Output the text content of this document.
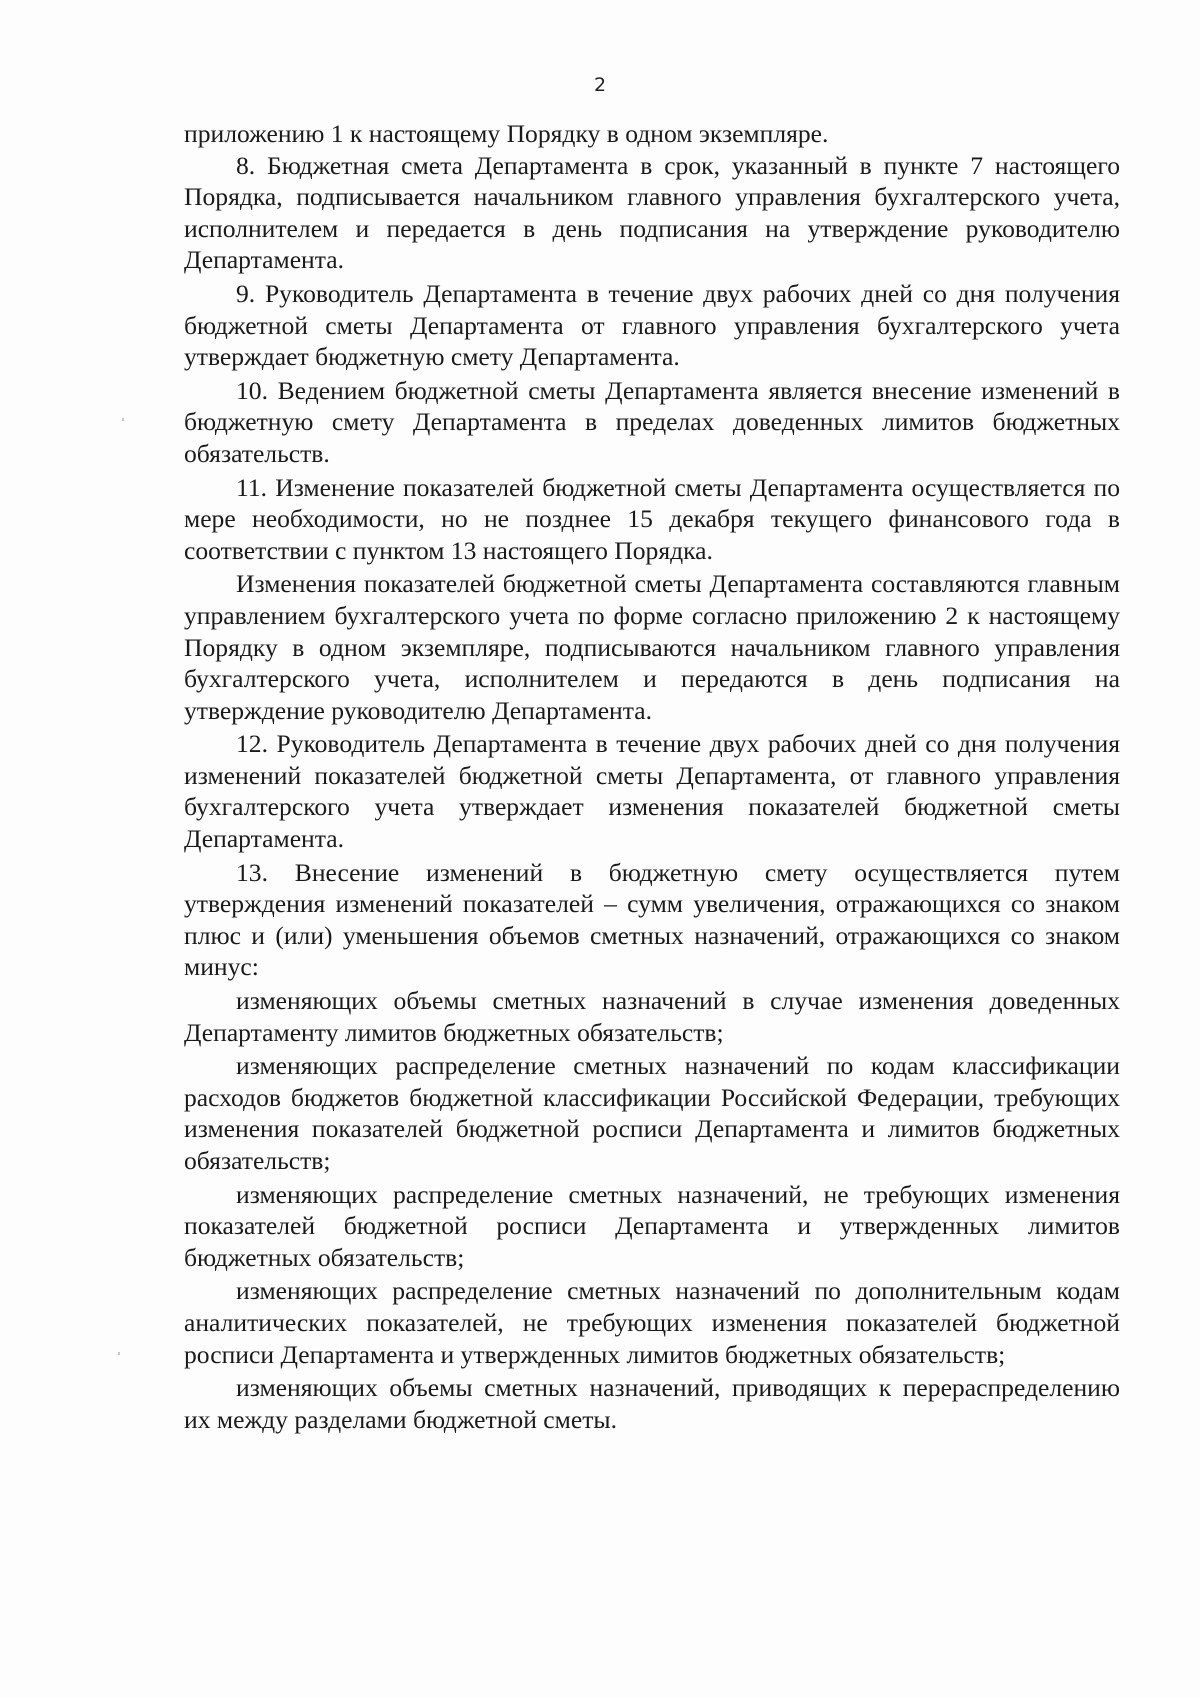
2

приложению 1 к настоящему Порядку в одном экземпляре.

8. Бюджетная смета Департамента в срок, указанный в пункте 7 настоящего Порядка, подписывается начальником главного управления бухгалтерского учета, исполнителем и передается в день подписания на утверждение руководителю Департамента.

9. Руководитель Департамента в течение двух рабочих дней со дня получения бюджетной сметы Департамента от главного управления бухгалтерского учета утверждает бюджетную смету Департамента.

10. Ведением бюджетной сметы Департамента является внесение изменений в бюджетную смету Департамента в пределах доведенных лимитов бюджетных обязательств.

11. Изменение показателей бюджетной сметы Департамента осуществляется по мере необходимости, но не позднее 15 декабря текущего финансового года в соответствии с пунктом 13 настоящего Порядка.

Изменения показателей бюджетной сметы Департамента составляются главным управлением бухгалтерского учета по форме согласно приложению 2 к настоящему Порядку в одном экземпляре, подписываются начальником главного управления бухгалтерского учета, исполнителем и передаются в день подписания на утверждение руководителю Департамента.

12. Руководитель Департамента в течение двух рабочих дней со дня получения изменений показателей бюджетной сметы Департамента, от главного управления бухгалтерского учета утверждает изменения показателей бюджетной сметы Департамента.

13. Внесение изменений в бюджетную смету осуществляется путем утверждения изменений показателей – сумм увеличения, отражающихся со знаком плюс и (или) уменьшения объемов сметных назначений, отражающихся со знаком минус:

изменяющих объемы сметных назначений в случае изменения доведенных Департаменту лимитов бюджетных обязательств;

изменяющих распределение сметных назначений по кодам классификации расходов бюджетов бюджетной классификации Российской Федерации, требующих изменения показателей бюджетной росписи Департамента и лимитов бюджетных обязательств;

изменяющих распределение сметных назначений, не требующих изменения показателей бюджетной росписи Департамента и утвержденных лимитов бюджетных обязательств;

изменяющих распределение сметных назначений по дополнительным кодам аналитических показателей, не требующих изменения показателей бюджетной росписи Департамента и утвержденных лимитов бюджетных обязательств;

изменяющих объемы сметных назначений, приводящих к перераспределению их между разделами бюджетной сметы.
